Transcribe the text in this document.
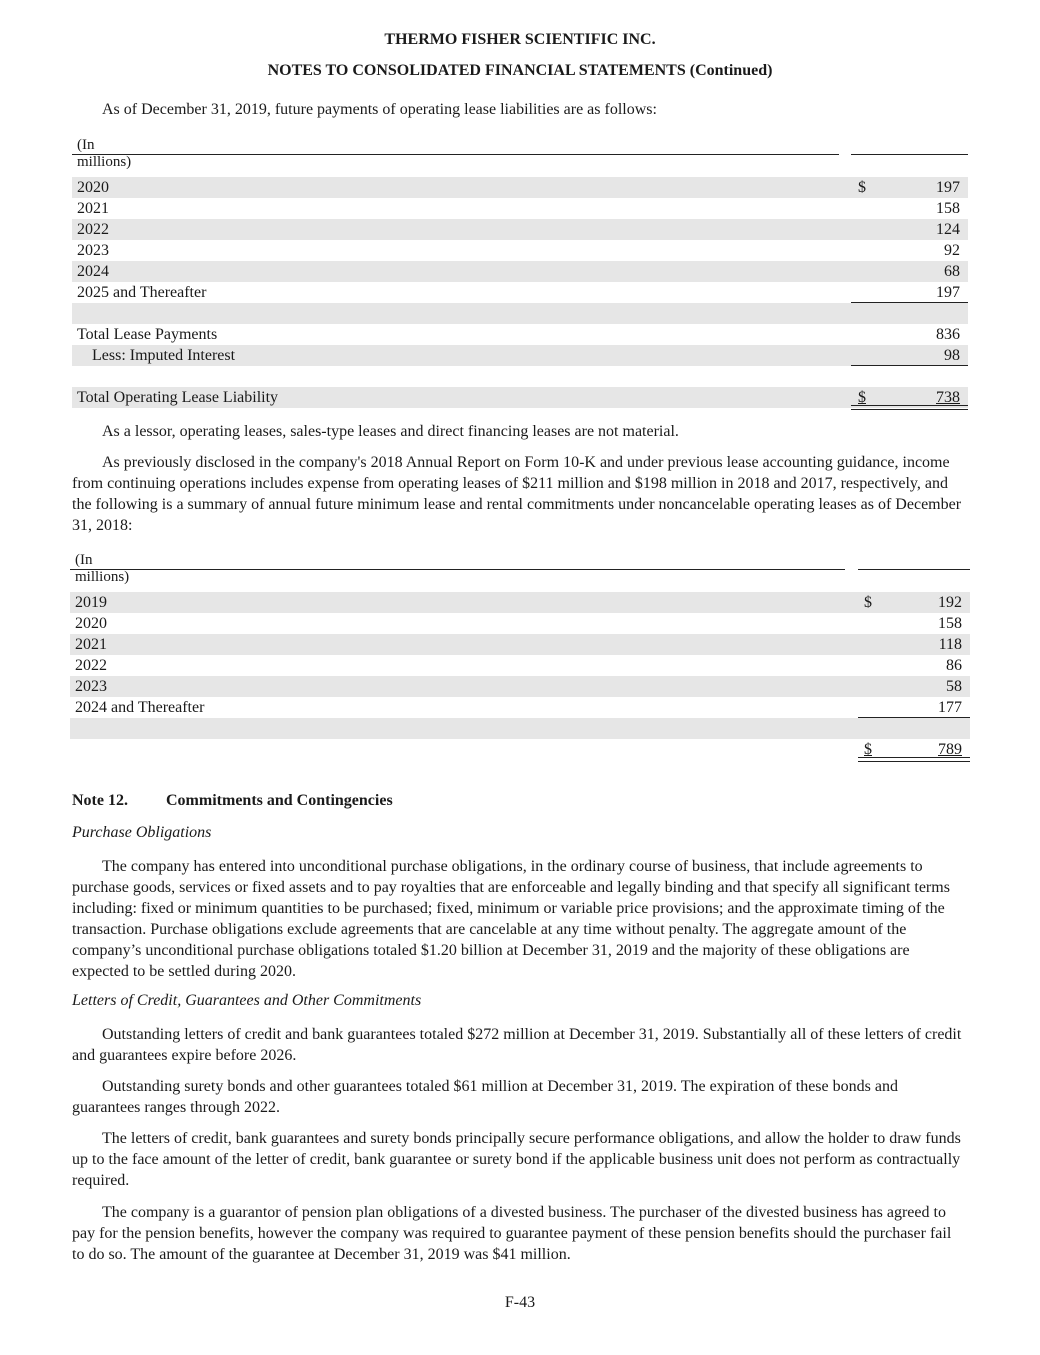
THERMO FISHER SCIENTIFIC INC.
NOTES TO CONSOLIDATED FINANCIAL STATEMENTS (Continued)

As of December 31, 2019, future payments of operating lease liabilities are as follows:

(In millions)
2020	$	197
2021	158
2022	124
2023	92
2024	68
2025 and Thereafter	197
Total Lease Payments	836
Less: Imputed Interest	98
Total Operating Lease Liability	$	738

As a lessor, operating leases, sales-type leases and direct financing leases are not material.

As previously disclosed in the company's 2018 Annual Report on Form 10-K and under previous lease accounting guidance, income from continuing operations includes expense from operating leases of $211 million and $198 million in 2018 and 2017, respectively, and the following is a summary of annual future minimum lease and rental commitments under noncancelable operating leases as of December 31, 2018:

(In millions)
2019	$	192
2020	158
2021	118
2022	86
2023	58
2024 and Thereafter	177
$	789
Note 12. Commitments and Contingencies
Purchase Obligations

The company has entered into unconditional purchase obligations, in the ordinary course of business, that include agreements to purchase goods, services or fixed assets and to pay royalties that are enforceable and legally binding and that specify all significant terms including: fixed or minimum quantities to be purchased; fixed, minimum or variable price provisions; and the approximate timing of the transaction. Purchase obligations exclude agreements that are cancelable at any time without penalty. The aggregate amount of the company’s unconditional purchase obligations totaled $1.20 billion at December 31, 2019 and the majority of these obligations are expected to be settled during 2020.

Letters of Credit, Guarantees and Other Commitments

Outstanding letters of credit and bank guarantees totaled $272 million at December 31, 2019. Substantially all of these letters of credit and guarantees expire before 2026.

Outstanding surety bonds and other guarantees totaled $61 million at December 31, 2019. The expiration of these bonds and guarantees ranges through 2022.

The letters of credit, bank guarantees and surety bonds principally secure performance obligations, and allow the holder to draw funds up to the face amount of the letter of credit, bank guarantee or surety bond if the applicable business unit does not perform as contractually required.

The company is a guarantor of pension plan obligations of a divested business. The purchaser of the divested business has agreed to pay for the pension benefits, however the company was required to guarantee payment of these pension benefits should the purchaser fail to do so. The amount of the guarantee at December 31, 2019 was $41 million.

F-43
